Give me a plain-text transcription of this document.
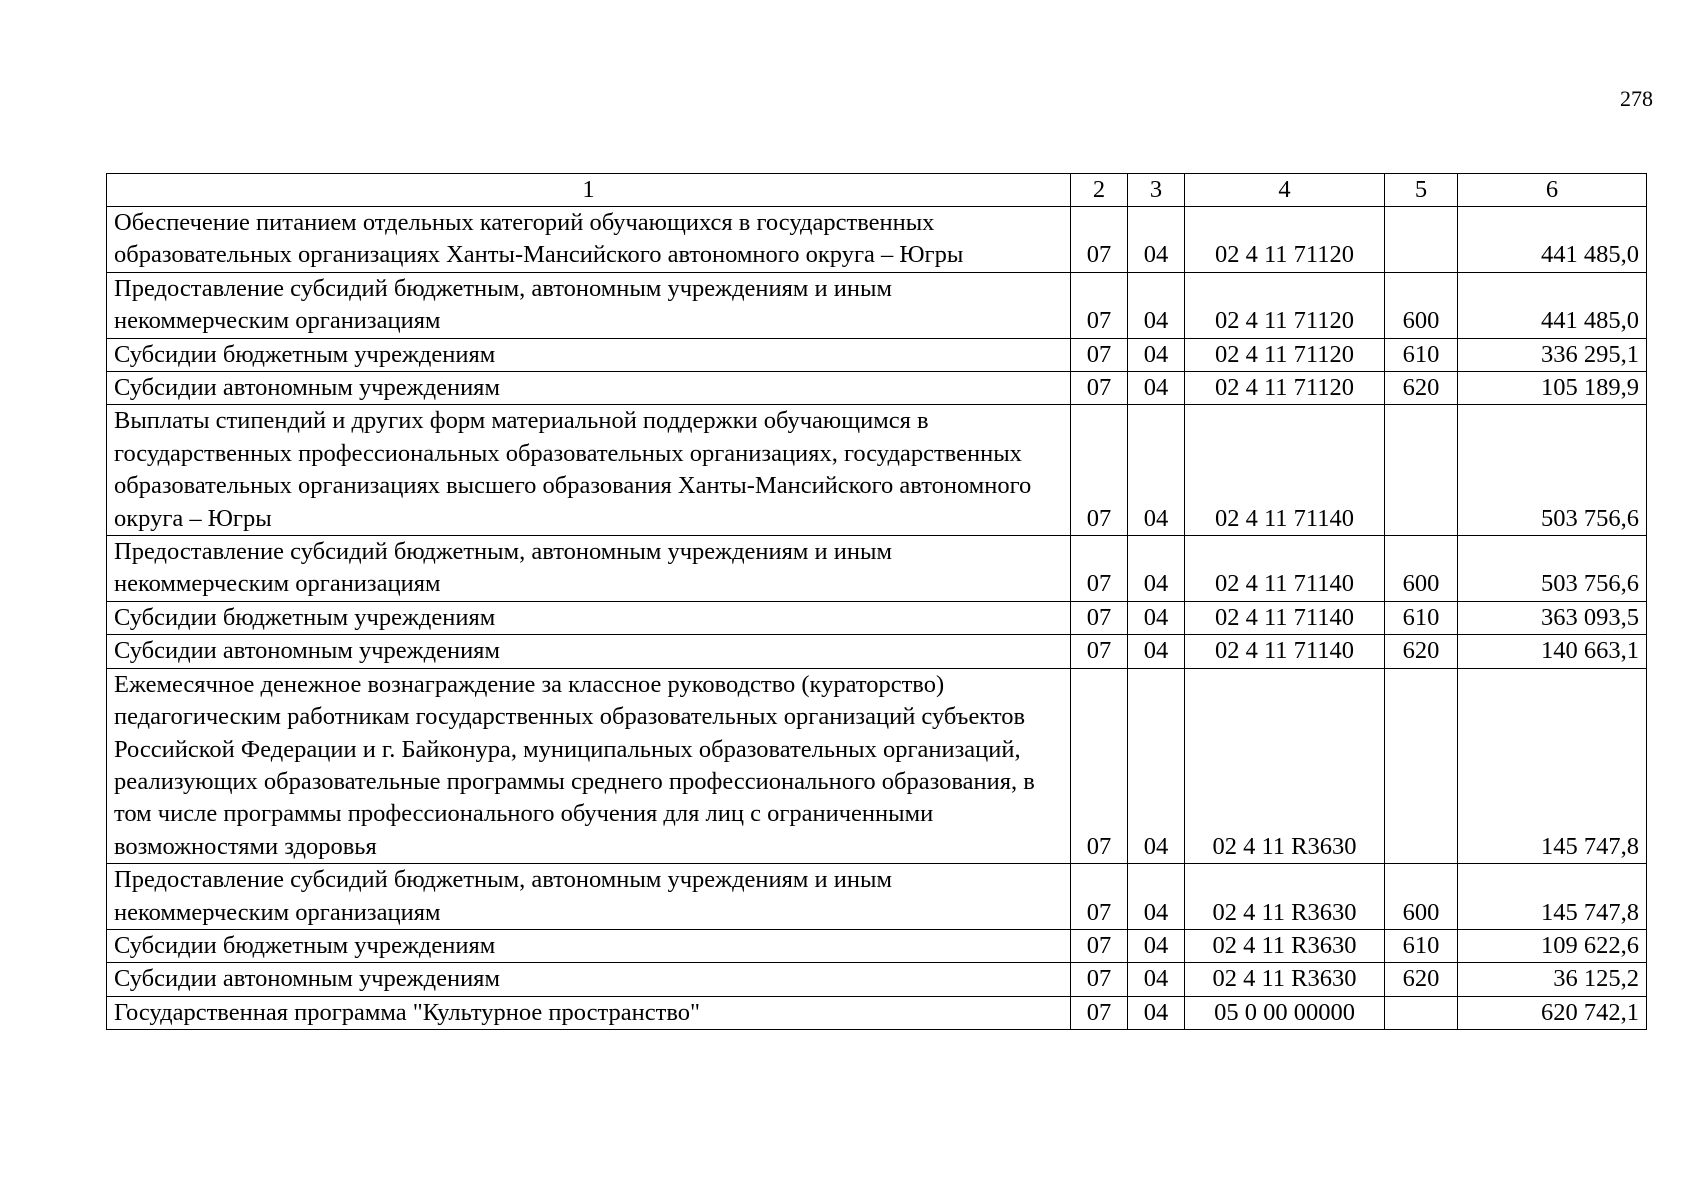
278
1	2	3	4	5	6
Обеспечение питанием отдельных категорий обучающихся в государственных образовательных организациях Ханты-Мансийского автономного округа – Югры	07	04	02 4 11 71120		441 485,0
Предоставление субсидий бюджетным, автономным учреждениям и иным некоммерческим организациям	07	04	02 4 11 71120	600	441 485,0
Субсидии бюджетным учреждениям	07	04	02 4 11 71120	610	336 295,1
Субсидии автономным учреждениям	07	04	02 4 11 71120	620	105 189,9
Выплаты стипендий и других форм материальной поддержки обучающимся в государственных профессиональных образовательных организациях, государственных образовательных организациях высшего образования Ханты-Мансийского автономного округа – Югры	07	04	02 4 11 71140		503 756,6
Предоставление субсидий бюджетным, автономным учреждениям и иным некоммерческим организациям	07	04	02 4 11 71140	600	503 756,6
Субсидии бюджетным учреждениям	07	04	02 4 11 71140	610	363 093,5
Субсидии автономным учреждениям	07	04	02 4 11 71140	620	140 663,1
Ежемесячное денежное вознаграждение за классное руководство (кураторство) педагогическим работникам государственных образовательных организаций субъектов Российской Федерации и г. Байконура, муниципальных образовательных организаций, реализующих образовательные программы среднего профессионального образования, в том числе программы профессионального обучения для лиц с ограниченными возможностями здоровья	07	04	02 4 11 R3630		145 747,8
Предоставление субсидий бюджетным, автономным учреждениям и иным некоммерческим организациям	07	04	02 4 11 R3630	600	145 747,8
Субсидии бюджетным учреждениям	07	04	02 4 11 R3630	610	109 622,6
Субсидии автономным учреждениям	07	04	02 4 11 R3630	620	36 125,2
Государственная программа "Культурное пространство"	07	04	05 0 00 00000		620 742,1
